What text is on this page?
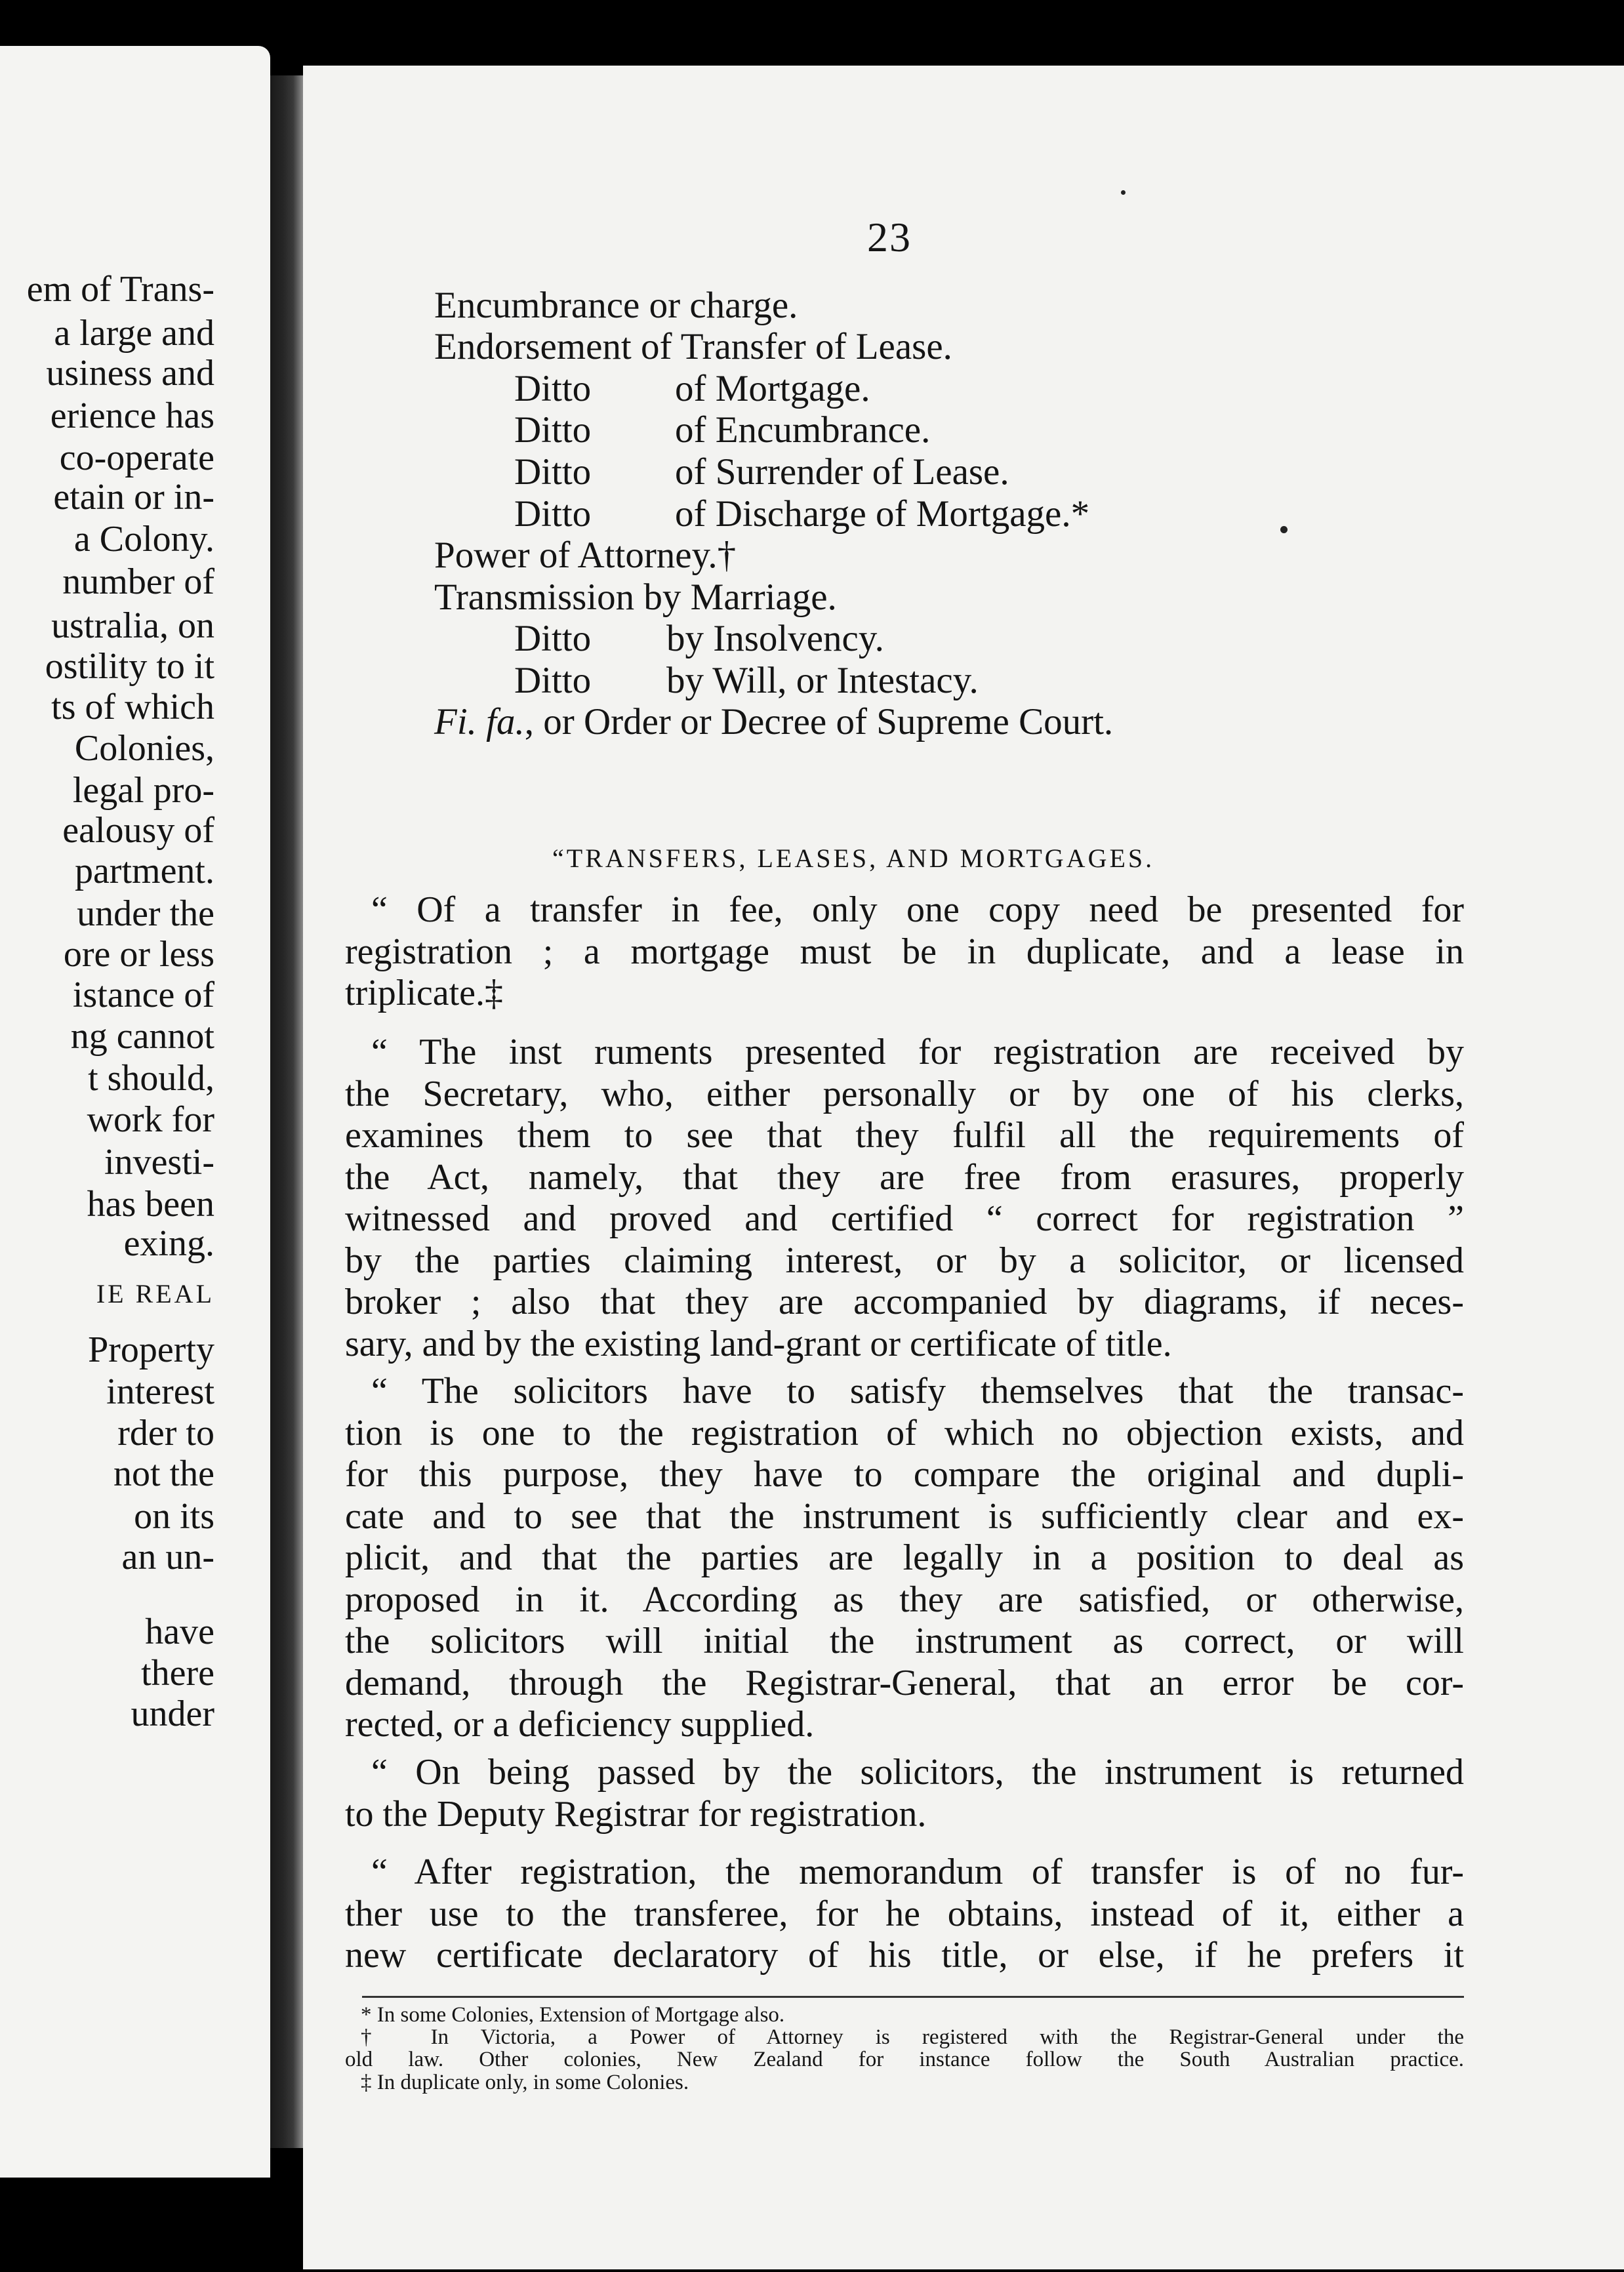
em of Trans-
a large and
usiness and
erience has
co-operate
etain or in-
a Colony.
number of
ustralia, on
ostility to it
ts of which
Colonies,
legal pro-
ealousy of
partment.
under the
ore or less
istance of
ng cannot
t should,
work for
investi-
has been
exing.
IE REAL
Property
interest
rder to
not the
on its
an un-
have
there
under
23
Encumbrance or charge.
Endorsement of Transfer of Lease.
Ditto of Mortgage.
Ditto of Encumbrance.
Ditto of Surrender of Lease.
Ditto of Discharge of Mortgage.*
Power of Attorney.†
Transmission by Marriage.
Ditto by Insolvency.
Ditto by Will, or Intestacy.
Fi. fa., or Order or Decree of Supreme Court.
“TRANSFERS, LEASES, AND MORTGAGES.
“ Of a transfer in fee, only one copy need be presented for
registration ; a mortgage must be in duplicate, and a lease in
triplicate.‡
“ The inst ruments presented for registration are received by
the Secretary, who, either personally or by one of his clerks,
examines them to see that they fulfil all the requirements of
the Act, namely, that they are free from erasures, properly
witnessed and proved and certified “ correct for registration ”
by the parties claiming interest, or by a solicitor, or licensed
broker ; also that they are accompanied by diagrams, if neces-
sary, and by the existing land-grant or certificate of title.
“ The solicitors have to satisfy themselves that the transac-
tion is one to the registration of which no objection exists, and
for this purpose, they have to compare the original and dupli-
cate and to see that the instrument is sufficiently clear and ex-
plicit, and that the parties are legally in a position to deal as
proposed in it. According as they are satisfied, or otherwise,
the solicitors will initial the instrument as correct, or will
demand, through the Registrar-General, that an error be cor-
rected, or a deficiency supplied.
“ On being passed by the solicitors, the instrument is returned
to the Deputy Registrar for registration.
“ After registration, the memorandum of transfer is of no fur-
ther use to the transferee, for he obtains, instead of it, either a
new certificate declaratory of his title, or else, if he prefers it
* In some Colonies, Extension of Mortgage also.
† In Victoria, a Power of Attorney is registered with the Registrar-General under the
old law. Other colonies, New Zealand for instance follow the South Australian practice.
‡ In duplicate only, in some Colonies.
